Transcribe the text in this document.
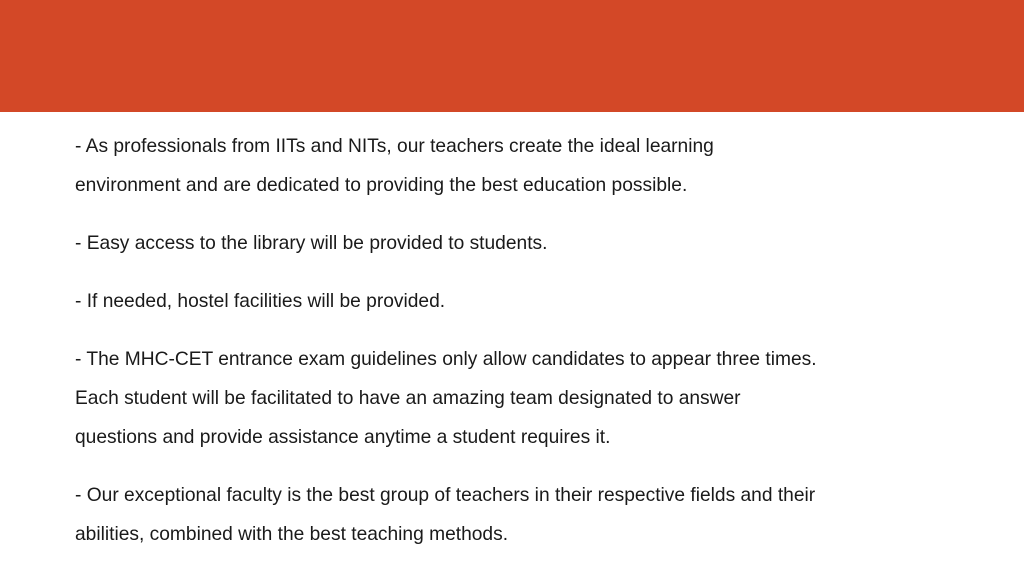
- As professionals from IITs and NITs, our teachers create the ideal learning
environment and are dedicated to providing the best education possible.

- Easy access to the library will be provided to students.

- If needed, hostel facilities will be provided.

- The MHC-CET entrance exam guidelines only allow candidates to appear three times.
Each student will be facilitated to have an amazing team designated to answer
questions and provide assistance anytime a student requires it.

- Our exceptional faculty is the best group of teachers in their respective fields and their
abilities, combined with the best teaching methods.
